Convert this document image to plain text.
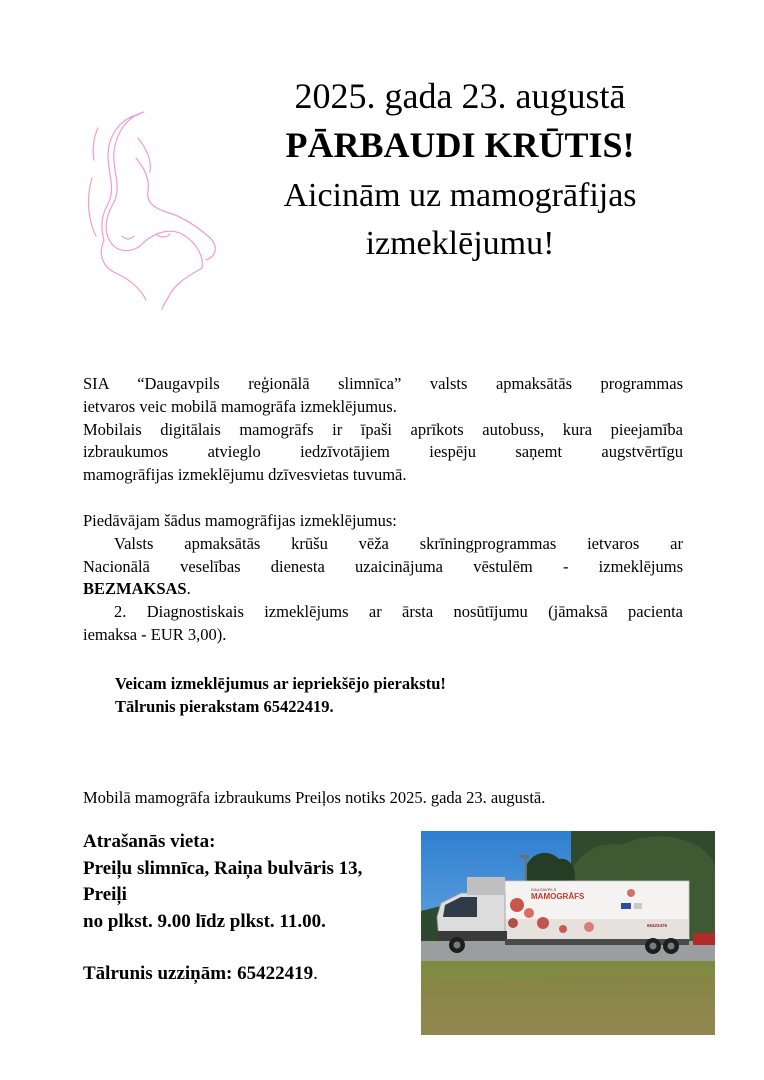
2025. gada 23. augustā
PĀRBAUDI KRŪTIS!
Aicinām uz mamogrāfijas
izmeklējumu!
SIA “Daugavpils reģionālā slimnīca” valsts apmaksātās programmas
ietvaros veic mobilā mamogrāfa izmeklējumus.
Mobilais digitālais mamogrāfs ir īpaši aprīkots autobuss, kura pieejamība
izbraukumos atvieglo iedzīvotājiem iespēju saņemt augstvērtīgu
mamogrāfijas izmeklējumu dzīvesvietas tuvumā.
Piedāvājam šādus mamogrāfijas izmeklējumus:
Valsts apmaksātās krūšu vēža skrīningprogrammas ietvaros ar
Nacionālā veselības dienesta uzaicinājuma vēstulēm - izmeklējums
BEZMAKSAS.
2. Diagnostiskais izmeklējums ar ārsta nosūtījumu (jāmaksā pacienta
iemaksa - EUR 3,00).
Veicam izmeklējumus ar iepriekšējo pierakstu!
Tālrunis pierakstam 65422419.
Mobilā mamogrāfa izbraukums Preiļos notiks 2025. gada 23. augustā.
Atrašanās vieta:
Preiļu slimnīca, Raiņa bulvāris 13,
Preiļi
no plkst. 9.00 līdz plkst. 11.00.
Tālrunis uzziņām: 65422419.
DAUGAVPILS
MAMOGRĀFS
65422476
